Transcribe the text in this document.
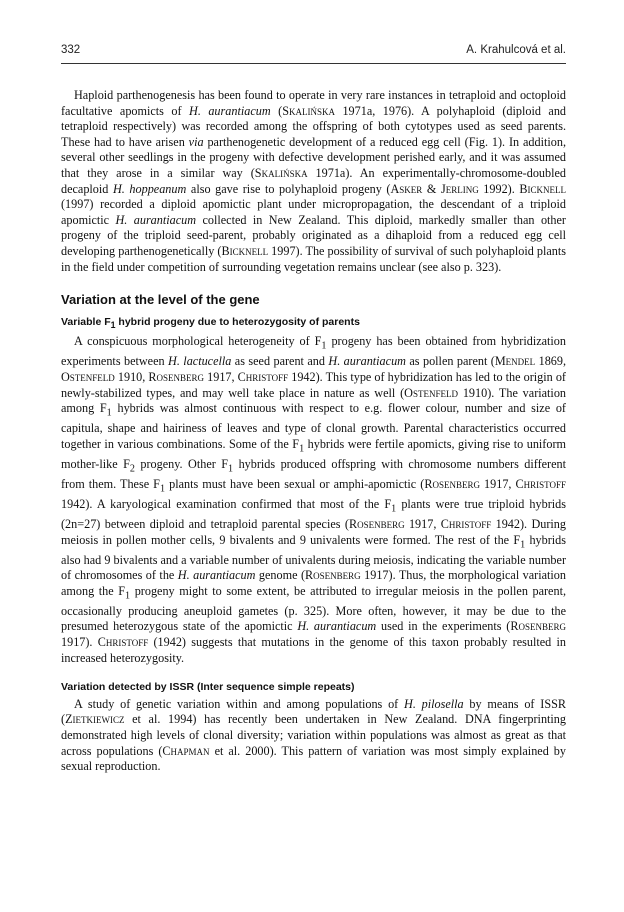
332	A. Krahulcová et al.

Haploid parthenogenesis has been found to operate in very rare instances in tetraploid and octoploid facultative apomicts of H. aurantiacum (Skalińska 1971a, 1976). A polyhaploid (diploid and tetraploid respectively) was recorded among the offspring of both cytotypes used as seed parents. These had to have arisen via parthenogenetic development of a reduced egg cell (Fig. 1). In addition, several other seedlings in the progeny with defective development perished early, and it was assumed that they arose in a similar way (Skalińska 1971a). An experimentally-chromosome-doubled decaploid H. hoppeanum also gave rise to polyhaploid progeny (Asker & Jerling 1992). Bicknell (1997) recorded a diploid apomictic plant under micropropagation, the descendant of a triploid apomictic H. aurantiacum collected in New Zealand. This diploid, markedly smaller than other progeny of the triploid seed-parent, probably originated as a dihaploid from a reduced egg cell developing parthenogenetically (Bicknell 1997). The possibility of survival of such polyhaploid plants in the field under competition of surrounding vegetation remains unclear (see also p. 323).

Variation at the level of the gene
Variable $F_1$ hybrid progeny due to heterozygosity of parents

A conspicuous morphological heterogeneity of $F_1$ progeny has been obtained from hybridization experiments between H. lactucella as seed parent and H. aurantiacum as pollen parent (Mendel 1869, Ostenfeld 1910, Rosenberg 1917, Christoff 1942). This type of hybridization has led to the origin of newly-stabilized types, and may well take place in nature as well (Ostenfeld 1910). The variation among $F_1$ hybrids was almost continuous with respect to e.g. flower colour, number and size of capitula, shape and hairiness of leaves and type of clonal growth. Parental characteristics occurred together in various combinations. Some of the $F_1$ hybrids were fertile apomicts, giving rise to uniform mother-like $F_2$ progeny. Other $F_1$ hybrids produced offspring with chromosome numbers different from them. These $F_1$ plants must have been sexual or amphi-apomictic (Rosenberg 1917, Christoff 1942). A karyological examination confirmed that most of the $F_1$ plants were true triploid hybrids (2n=27) between diploid and tetraploid parental species (Rosenberg 1917, Christoff 1942). During meiosis in pollen mother cells, 9 bivalents and 9 univalents were formed. The rest of the $F_1$ hybrids also had 9 bivalents and a variable number of univalents during meiosis, indicating the variable number of chromosomes of the H. aurantiacum genome (Rosenberg 1917). Thus, the morphological variation among the $F_1$ progeny might to some extent, be attributed to irregular meiosis in the pollen parent, occasionally producing aneuploid gametes (p. 325). More often, however, it may be due to the presumed heterozygous state of the apomictic H. aurantiacum used in the experiments (Rosenberg 1917). Christoff (1942) suggests that mutations in the genome of this taxon probably resulted in increased heterozygosity.

Variation detected by ISSR (Inter sequence simple repeats)

A study of genetic variation within and among populations of H. pilosella by means of ISSR (Zietkiewicz et al. 1994) has recently been undertaken in New Zealand. DNA fingerprinting demonstrated high levels of clonal diversity; variation within populations was almost as great as that across populations (Chapman et al. 2000). This pattern of variation was most simply explained by sexual reproduction.
